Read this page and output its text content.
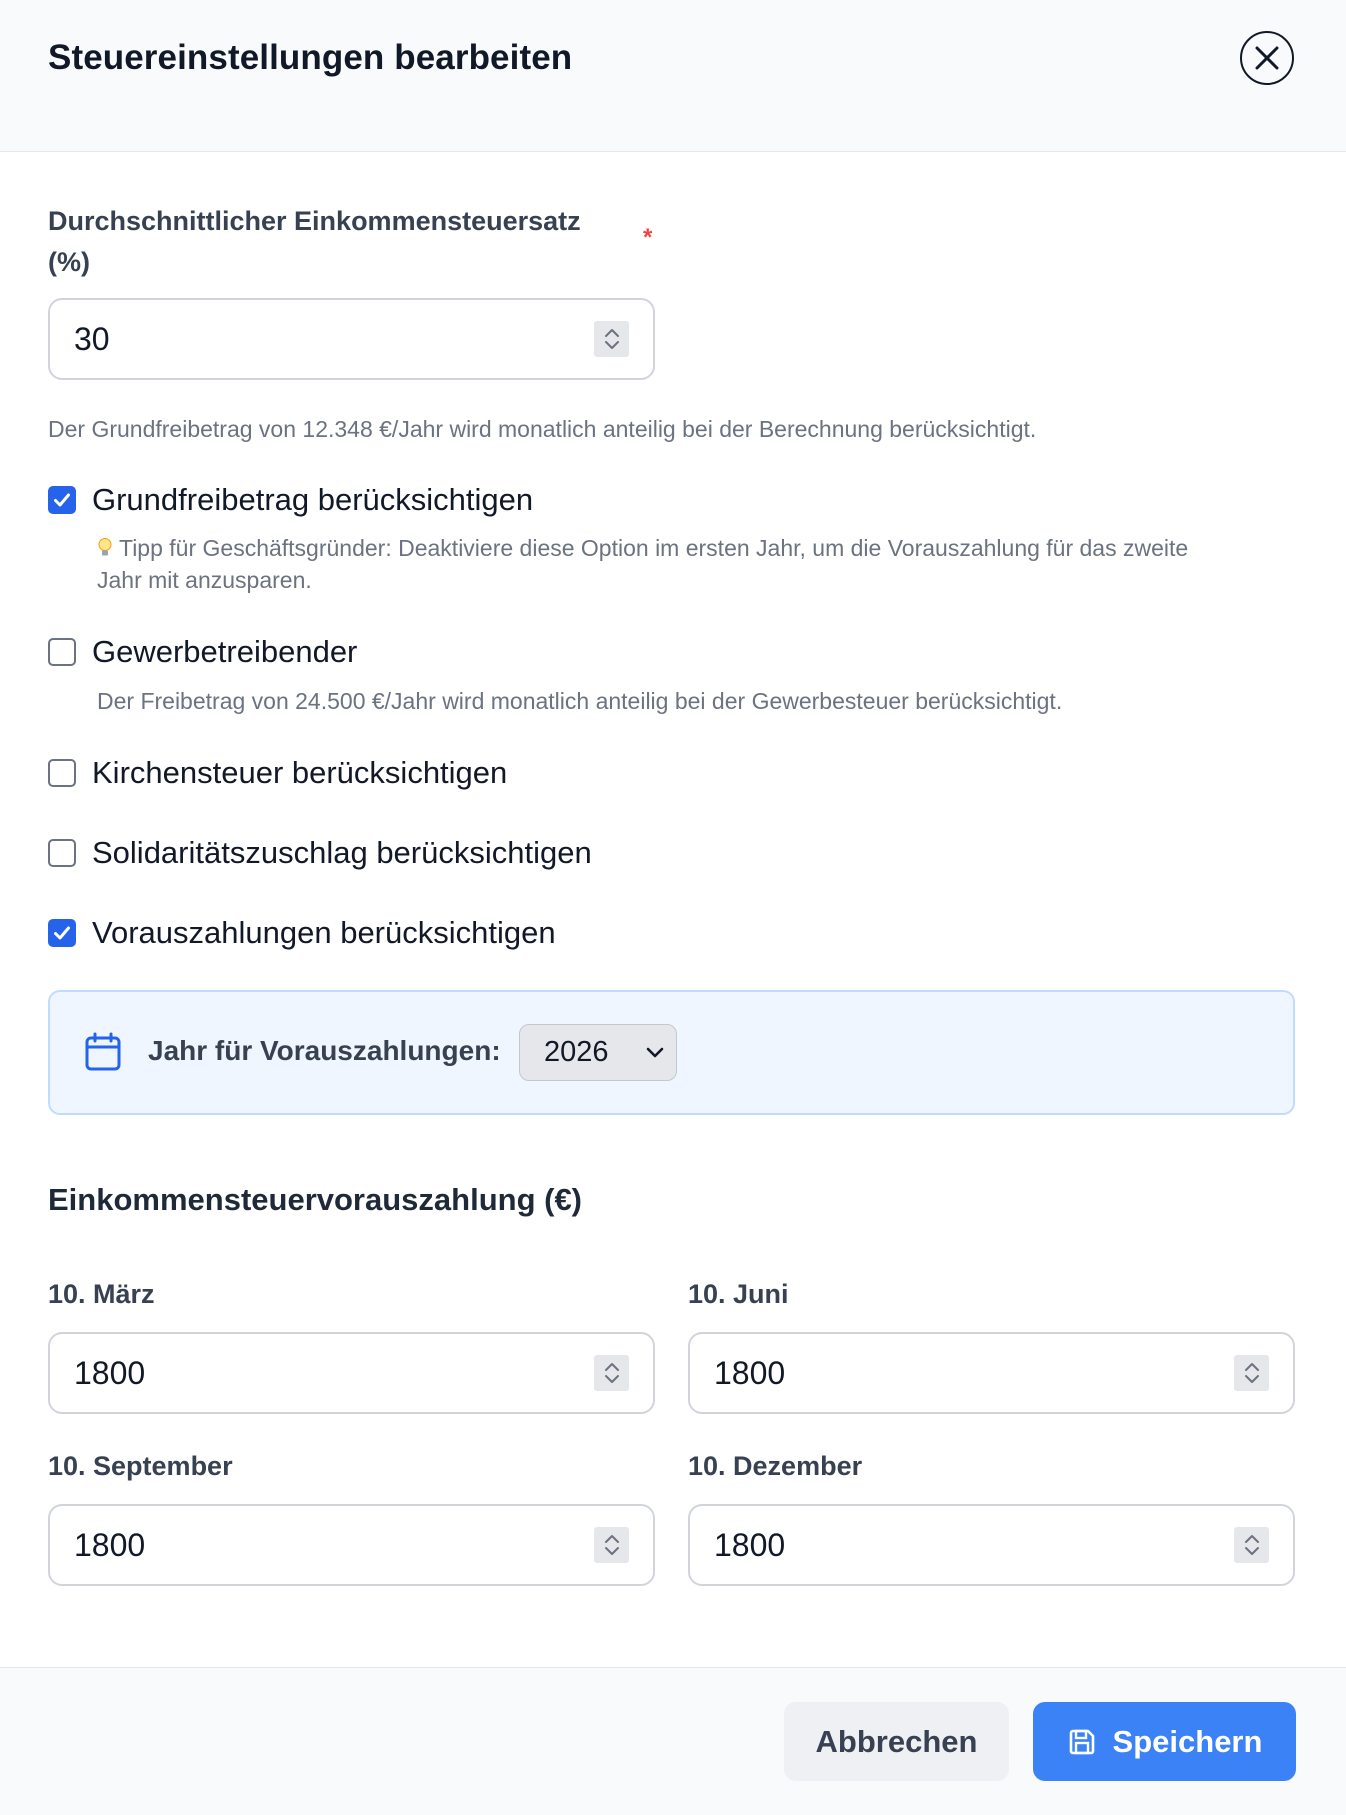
Steuereinstellungen bearbeiten
Durchschnittlicher Einkommensteuersatz
(%)
*
30
Der Grundfreibetrag von 12.348 €/Jahr wird monatlich anteilig bei der Berechnung berücksichtigt.
Grundfreibetrag berücksichtigen
Tipp für Geschäftsgründer: Deaktiviere diese Option im ersten Jahr, um die Vorauszahlung für das zweite
Jahr mit anzusparen.
Gewerbetreibender
Der Freibetrag von 24.500 €/Jahr wird monatlich anteilig bei der Gewerbesteuer berücksichtigt.
Kirchensteuer berücksichtigen
Solidaritätszuschlag berücksichtigen
Vorauszahlungen berücksichtigen
Jahr für Vorauszahlungen: 2026
Einkommensteuervorauszahlung (€)
10. März
1800
10. Juni
1800
10. September
1800
10. Dezember
1800
Abbrechen	Speichern
